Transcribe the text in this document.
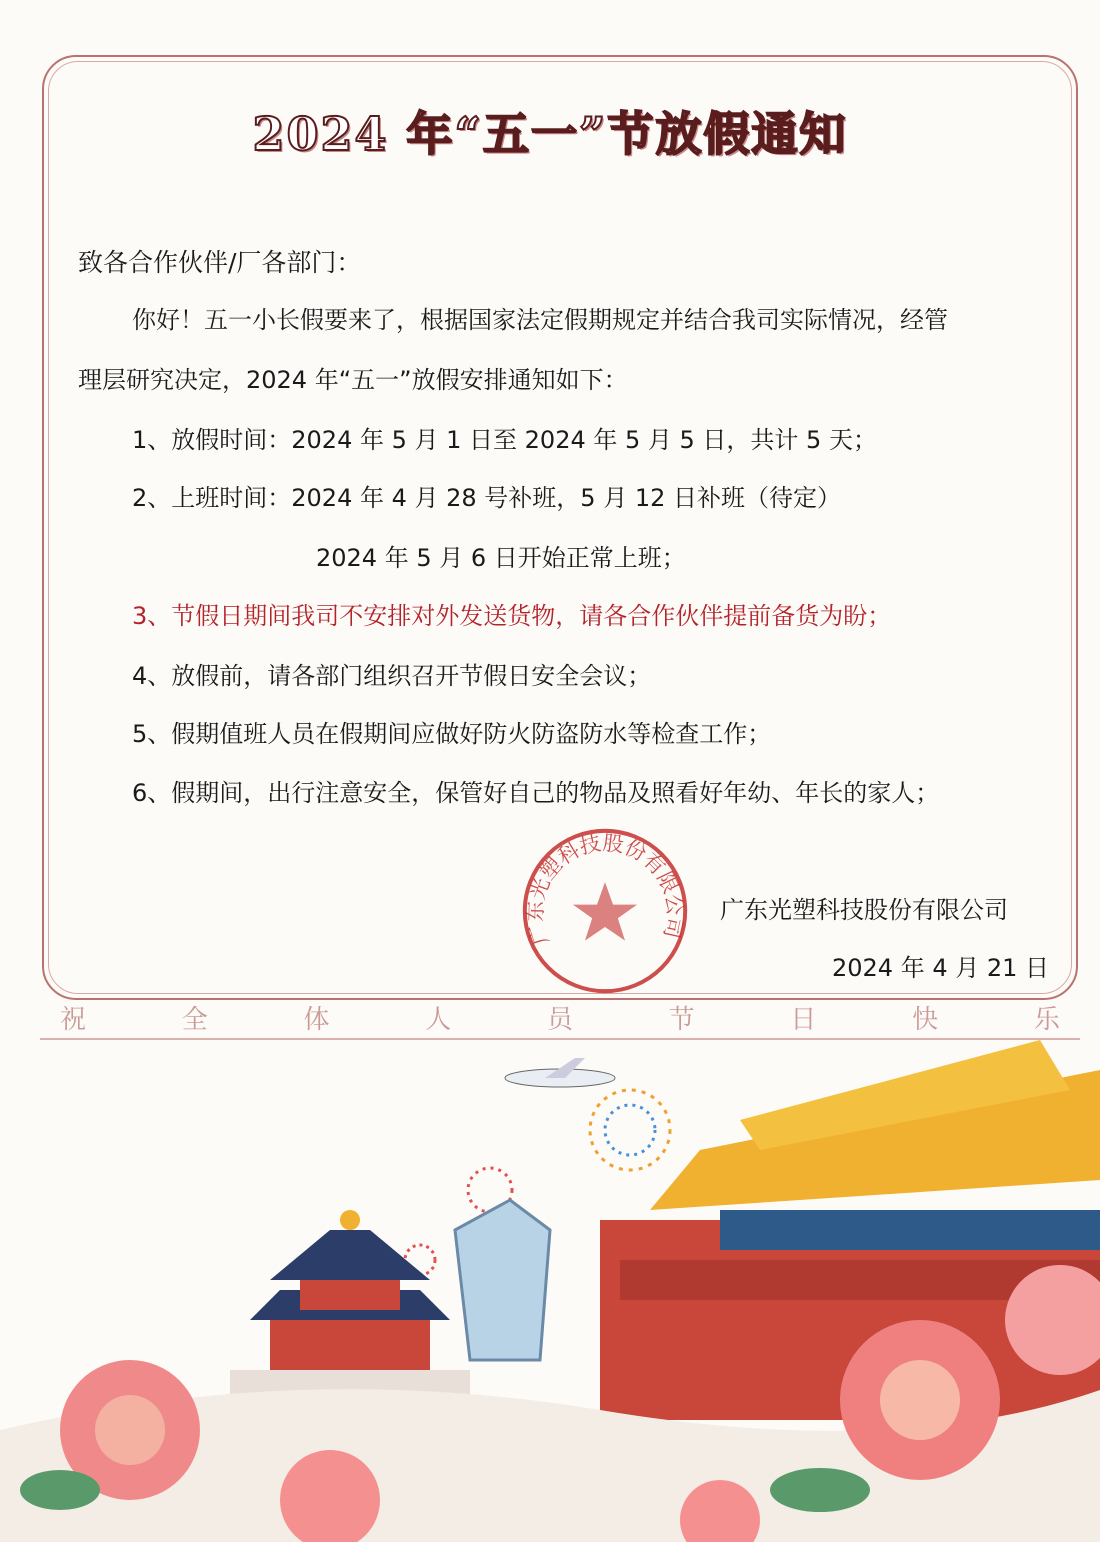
2024 年“五一”节放假通知
致各合作伙伴/厂各部门：
你好！五一小长假要来了，根据国家法定假期规定并结合我司实际情况，经管
理层研究决定，2024 年“五一”放假安排通知如下：
1、放假时间：2024 年 5 月 1 日至 2024 年 5 月 5 日，共计 5 天；
2、上班时间：2024 年 4 月 28 号补班，5 月 12 日补班（待定）
2024 年 5 月 6 日开始正常上班；
3、节假日期间我司不安排对外发送货物，请各合作伙伴提前备货为盼；
4、放假前，请各部门组织召开节假日安全会议；
5、假期值班人员在假期间应做好防火防盗防水等检查工作；
6、假期间，出行注意安全，保管好自己的物品及照看好年幼、年长的家人；
广东光塑科技股份有限公司
广东光塑科技股份有限公司
2024 年 4 月 21 日
祝	全	体	人	员	节	日	快	乐
